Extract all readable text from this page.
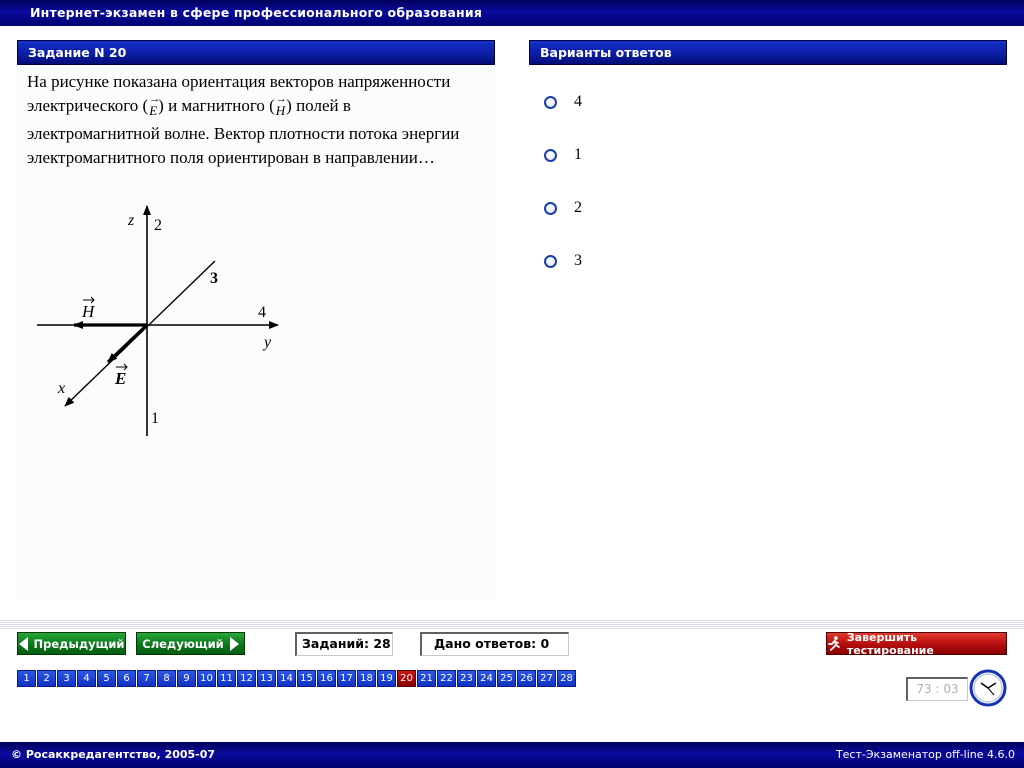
Интернет-экзамен в сфере профессионального образования
Задание N 20	Варианты ответов
На рисунке показана ориентация векторов напряженности электрического (→ E) и магнитного (→ H) полей в электромагнитной волне. Вектор плотности потока энергии электромагнитного поля ориентирован в направлении…
z 2
3
4
y
H
E
x
1
4
1
2
3
Предыдущий Следующий	Заданий: 28	Дано ответов: 0	Завершить тестирование
1	2	3	4	5	6	7	8	9	10 11 12 13 14 15 16 17 18 19 20 21 22 23 24 25 26 27 28
73 : 03
© Росаккредагентство, 2005-07	Тест-Экзаменатор off-line 4.6.0
